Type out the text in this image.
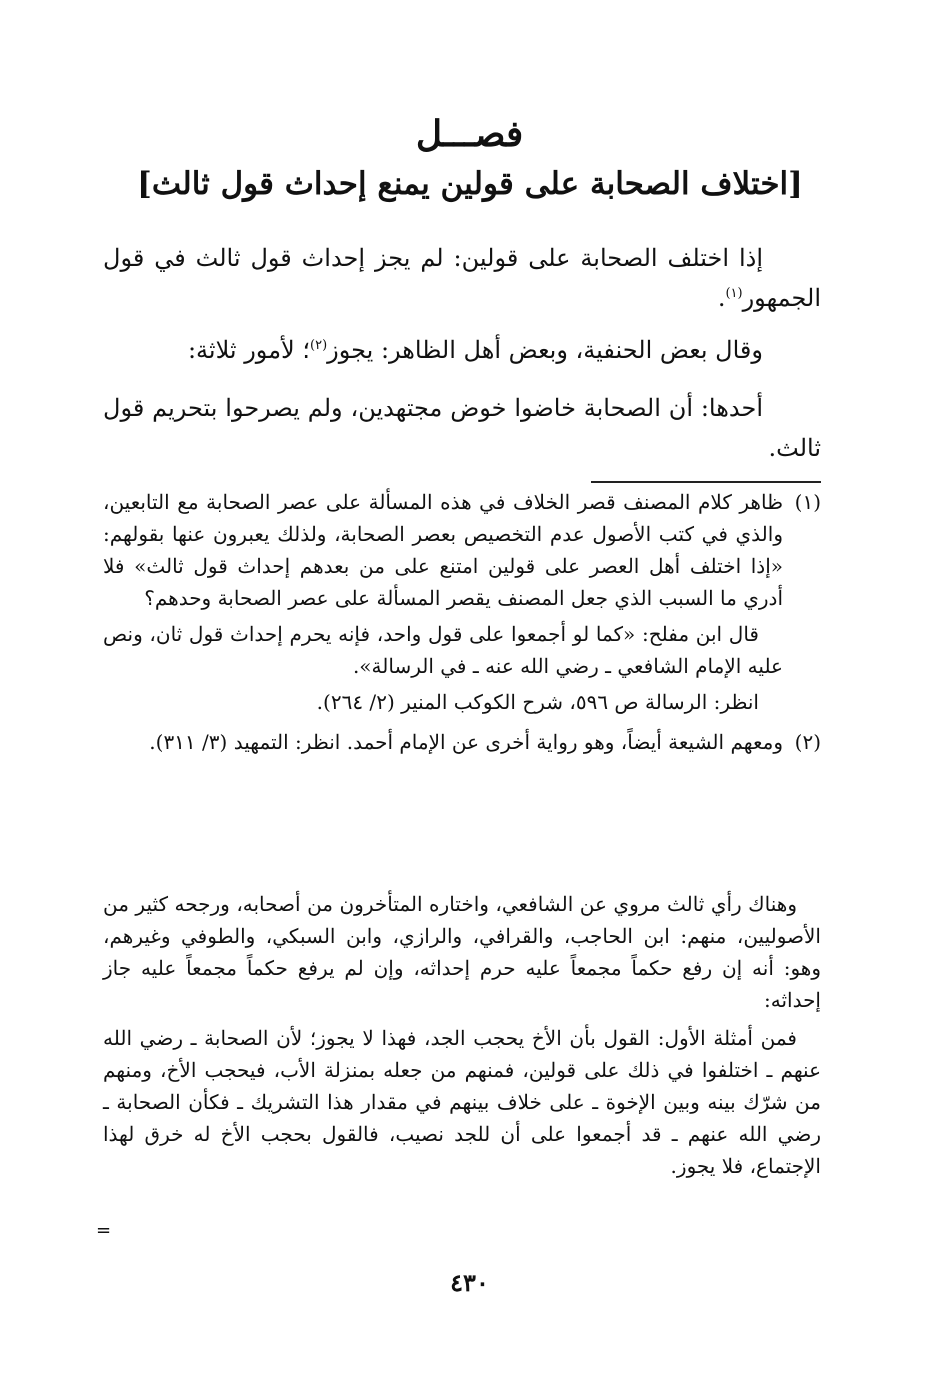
فصـــل
[اختلاف الصحابة على قولين يمنع إحداث قول ثالث]

إذا اختلف الصحابة على قولين: لم يجز إحداث قول ثالث في قول الجمهور$^{(١)}$.

وقال بعض الحنفية، وبعض أهل الظاهر: يجوز$^{(٢)}$؛ لأمور ثلاثة:

أحدها: أن الصحابة خاضوا خوض مجتهدين، ولم يصرحوا بتحريم قول ثالث.

(١)

ظاهر كلام المصنف قصر الخلاف في هذه المسألة على عصر الصحابة مع التابعين، والذي في كتب الأصول عدم التخصيص بعصر الصحابة، ولذلك يعبرون عنها بقولهم: «إذا اختلف أهل العصر على قولين امتنع على من بعدهم إحداث قول ثالث» فلا أدري ما السبب الذي جعل المصنف يقصر المسألة على عصر الصحابة وحدهم؟

قال ابن مفلح: «كما لو أجمعوا على قول واحد، فإنه يحرم إحداث قول ثان، ونص عليه الإمام الشافعي ـ رضي الله عنه ـ في الرسالة».

انظر: الرسالة ص ٥٩٦، شرح الكوكب المنير (٢/ ٢٦٤).

(٢)

ومعهم الشيعة أيضاً، وهو رواية أخرى عن الإمام أحمد. انظر: التمهيد (٣/ ٣١١).

وهناك رأي ثالث مروي عن الشافعي، واختاره المتأخرون من أصحابه، ورجحه كثير من الأصوليين، منهم: ابن الحاجب، والقرافي، والرازي، وابن السبكي، والطوفي وغيرهم، وهو: أنه إن رفع حكماً مجمعاً عليه حرم إحداثه، وإن لم يرفع حكماً مجمعاً عليه جاز إحداثه:

فمن أمثلة الأول: القول بأن الأخ يحجب الجد، فهذا لا يجوز؛ لأن الصحابة ـ رضي الله عنهم ـ اختلفوا في ذلك على قولين، فمنهم من جعله بمنزلة الأب، فيحجب الأخ، ومنهم من شرّك بينه وبين الإخوة ـ على خلاف بينهم في مقدار هذا التشريك ـ فكأن الصحابة ـ رضي الله عنهم ـ قد أجمعوا على أن للجد نصيب، فالقول بحجب الأخ له خرق لهذا الإجتماع، فلا يجوز.

=
٤٣٠
